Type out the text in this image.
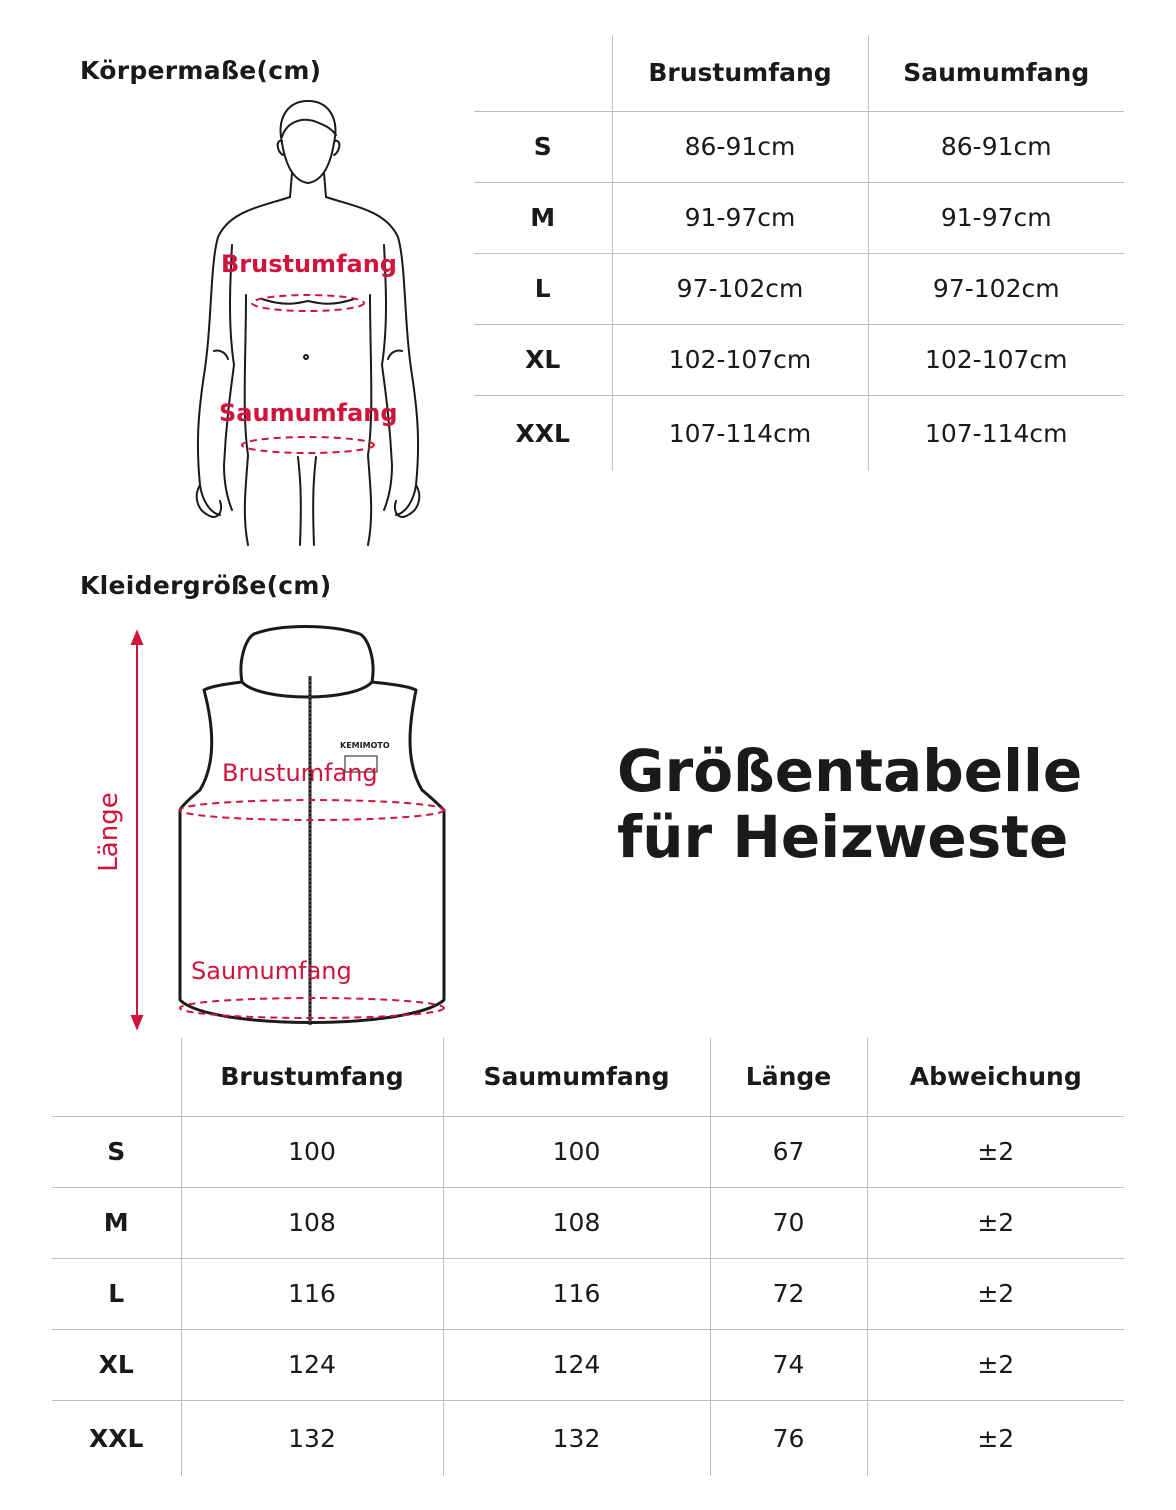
Körpermaße(cm)
Brustumfang
Saumumfang
	Brustumfang	Saumumfang
S	86-91cm	86-91cm
M	91-97cm	91-97cm
L	97-102cm	97-102cm
XL	102-107cm	102-107cm
XXL	107-114cm	107-114cm
Kleidergröße(cm)
KEMIMOTO
Brustumfang
Saumumfang
Länge
Größentabelle
für Heizweste
	Brustumfang	Saumumfang	Länge	Abweichung
S	100	100	67	±2
M	108	108	70	±2
L	116	116	72	±2
XL	124	124	74	±2
XXL	132	132	76	±2
